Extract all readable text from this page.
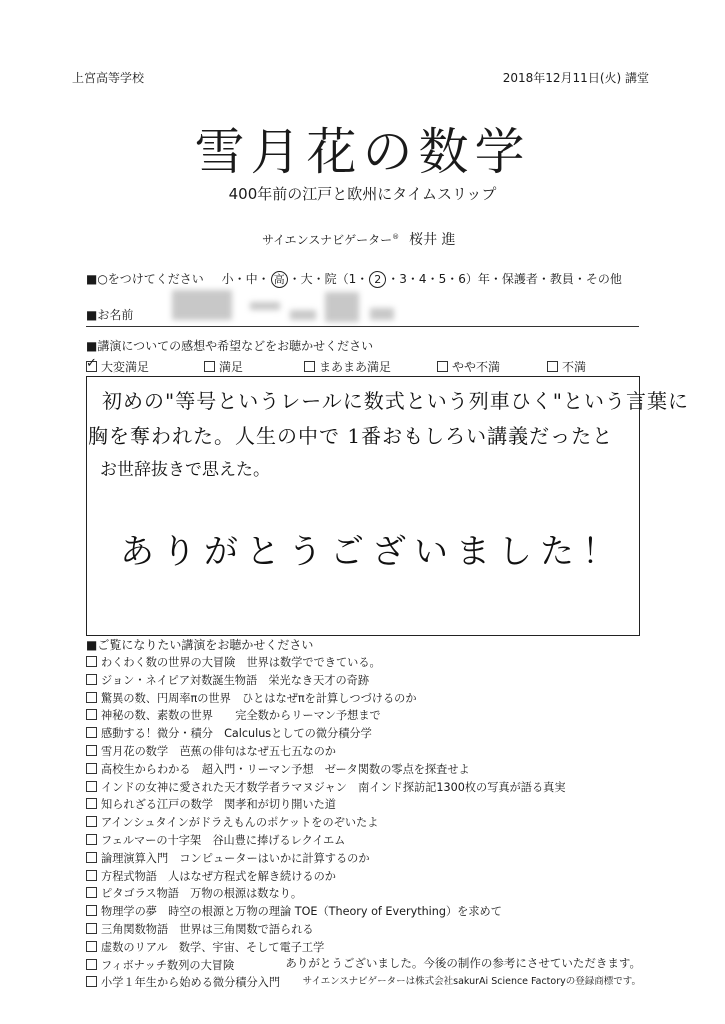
上宮高等学校	2018年12月11日(火) 講堂
雪月花の数学
400年前の江戸と欧州にタイムスリップ
サイエンスナビゲーター® 桜井 進
■○をつけてください 小・中・ 高 ・大・院（1・ 2 ・3・4・5・6）年・保護者・教員・その他
■お名前
■講演についての感想や希望などをお聴かせください
✓大変満足	満足	まあまあ満足	やや不満	不満
初めの"等号というレールに数式という列車ひく"という言葉に
胸を奪われた。人生の中で 1番おもしろい講義だったと
お世辞抜きで思えた。
ありがとうございました！
■ご覧になりたい講演をお聴かせください
わくわく数の世界の大冒険　世界は数学でできている。
ジョン・ネイピア対数誕生物語　栄光なき天才の奇跡
驚異の数、円周率πの世界　ひとはなぜπを計算しつづけるのか
神秘の数、素数の世界　　完全数からリーマン予想まで
感動する！微分・積分　Calculusとしての微分積分学
雪月花の数学　芭蕉の俳句はなぜ五七五なのか
高校生からわかる　超入門・リーマン予想　ゼータ関数の零点を探査せよ
インドの女神に愛された天才数学者ラマヌジャン　南インド探訪記1300枚の写真が語る真実
知られざる江戸の数学　関孝和が切り開いた道
アインシュタインがドラえもんのポケットをのぞいたよ
フェルマーの十字架　谷山豊に捧げるレクイエム
論理演算入門　コンピューターはいかに計算するのか
方程式物語　人はなぜ方程式を解き続けるのか
ピタゴラス物語　万物の根源は数なり。
物理学の夢　時空の根源と万物の理論 TOE（Theory of Everything）を求めて
三角関数物語　世界は三角関数で語られる
虚数のリアル　数学、宇宙、そして電子工学
フィボナッチ数列の大冒険
小学１年生から始める微分積分入門
ありがとうございました。今後の制作の参考にさせていただきます。
サイエンスナビゲーターは株式会社sakurAi Science Factoryの登録商標です。
